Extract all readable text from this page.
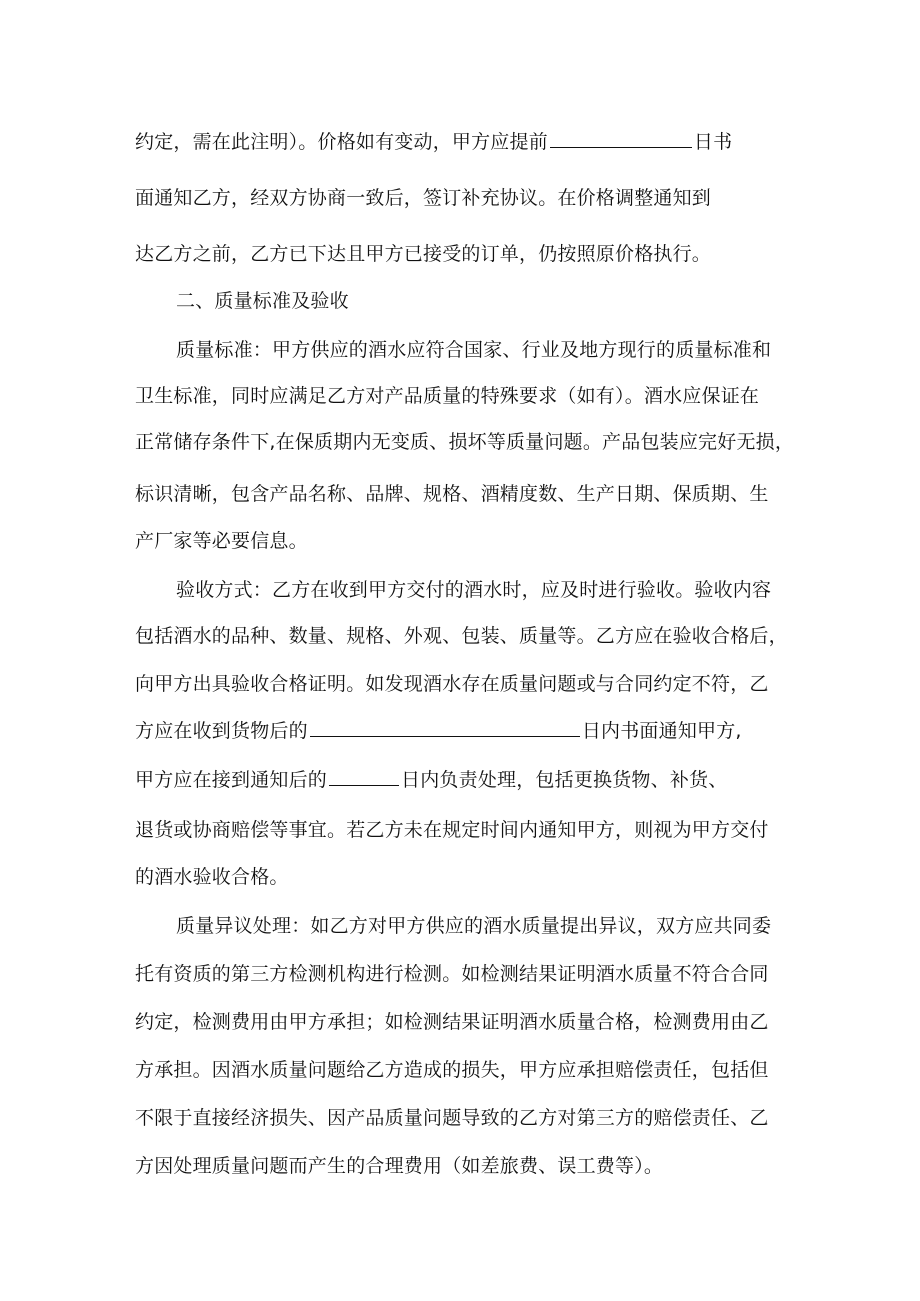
约定，需在此注明）。价格如有变动，甲方应提前	日书
面通知乙方，经双方协商一致后，签订补充协议。在价格调整通知到
达乙方之前，乙方已下达且甲方已接受的订单，仍按照原价格执行。
二、质量标准及验收
质量标准：甲方供应的酒水应符合国家、行业及地方现行的质量标准和
卫生标准，同时应满足乙方对产品质量的特殊要求（如有）。酒水应保证在
正常储存条件下,在保质期内无变质、损坏等质量问题。产品包装应完好无损，
标识清晰，包含产品名称、品牌、规格、酒精度数、生产日期、保质期、生
产厂家等必要信息。
验收方式：乙方在收到甲方交付的酒水时，应及时进行验收。验收内容
包括酒水的品种、数量、规格、外观、包装、质量等。乙方应在验收合格后，
向甲方出具验收合格证明。如发现酒水存在质量问题或与合同约定不符，乙
方应在收到货物后的	日内书面通知甲方,
甲方应在接到通知后的	日内负责处理，包括更换货物、补货、
退货或协商赔偿等事宜。若乙方未在规定时间内通知甲方，则视为甲方交付
的酒水验收合格。
质量异议处理：如乙方对甲方供应的酒水质量提出异议，双方应共同委
托有资质的第三方检测机构进行检测。如检测结果证明酒水质量不符合合同
约定，检测费用由甲方承担；如检测结果证明酒水质量合格，检测费用由乙
方承担。因酒水质量问题给乙方造成的损失，甲方应承担赔偿责任，包括但
不限于直接经济损失、因产品质量问题导致的乙方对第三方的赔偿责任、乙
方因处理质量问题而产生的合理费用（如差旅费、误工费等）。
